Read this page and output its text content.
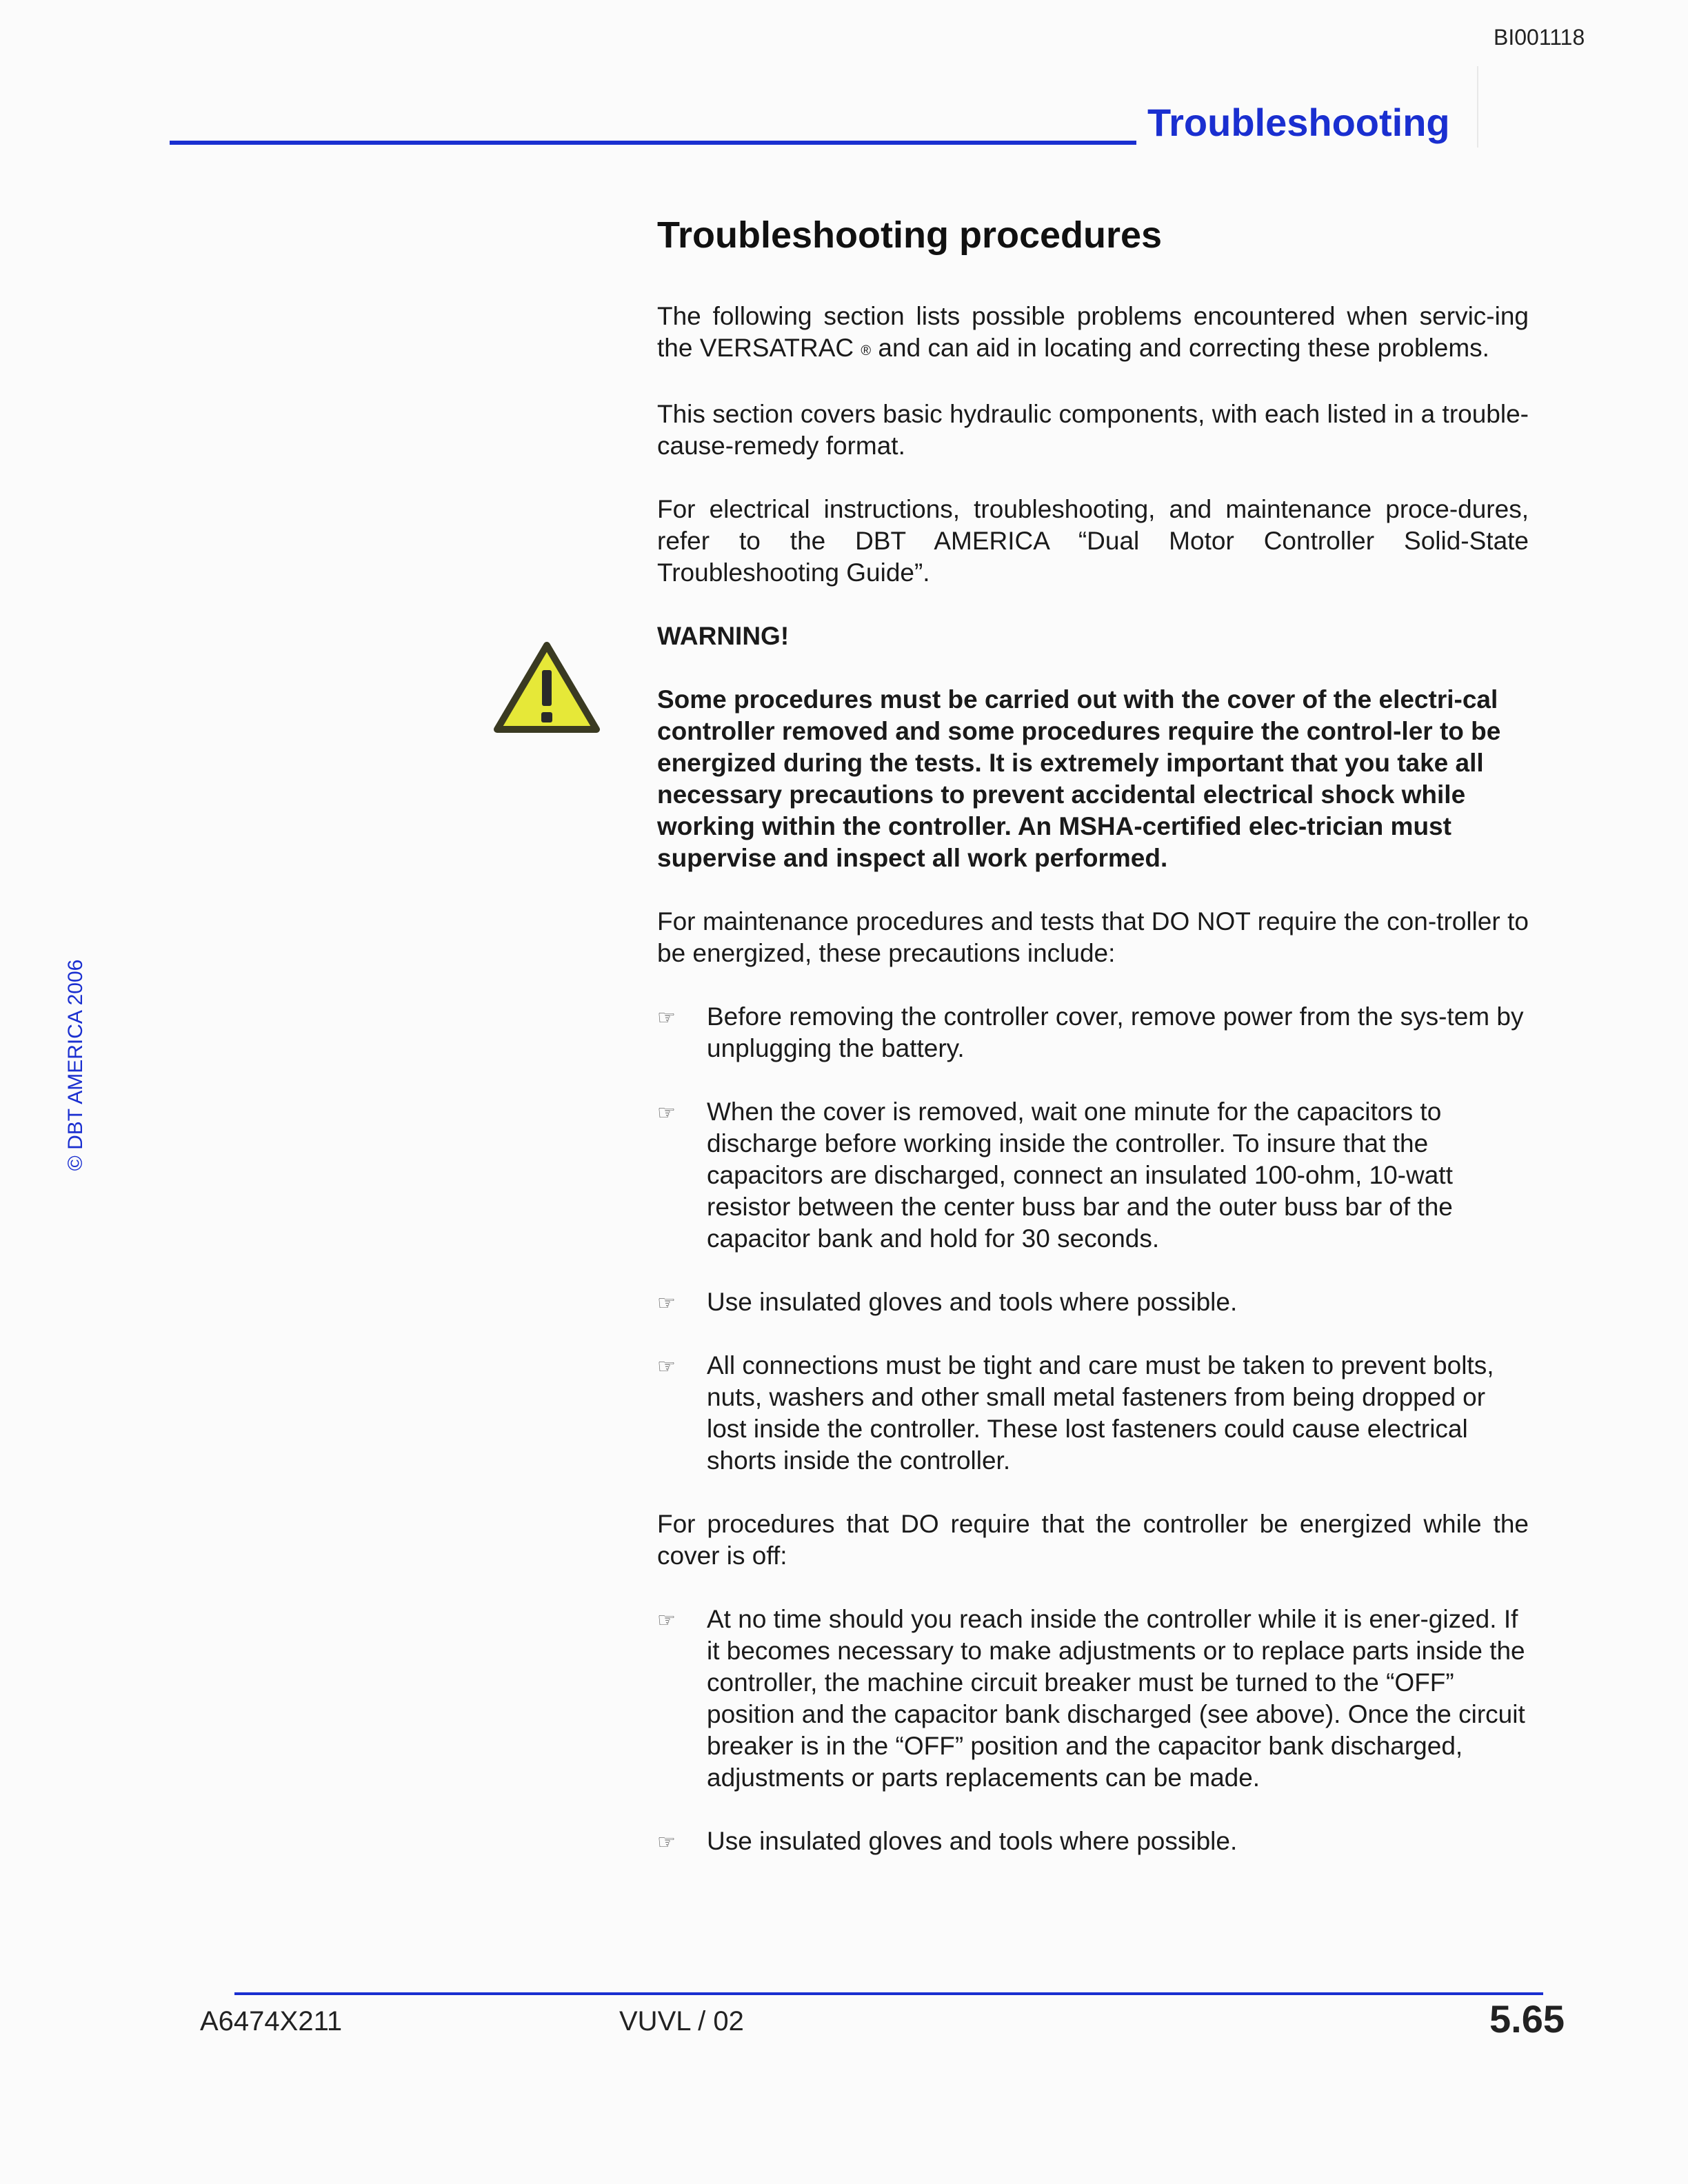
BI001118
Troubleshooting
© DBT AMERICA 2006
Troubleshooting procedures

The following section lists possible problems encountered when servic-ing the VERSATRAC ® and can aid in locating and correcting these problems.

This section covers basic hydraulic components, with each listed in a trouble-cause-remedy format.

For electrical instructions, troubleshooting, and maintenance proce-dures, refer to the DBT AMERICA “Dual Motor Controller Solid-State Troubleshooting Guide”.

WARNING!

Some procedures must be carried out with the cover of the electri-cal controller removed and some procedures require the control-ler to be energized during the tests. It is extremely important that you take all necessary precautions to prevent accidental electrical shock while working within the controller. An MSHA-certified elec-trician must supervise and inspect all work performed.

For maintenance procedures and tests that DO NOT require the con-troller to be energized, these precautions include:

☞ Before removing the controller cover, remove power from the sys-tem by unplugging the battery.
☞ When the cover is removed, wait one minute for the capacitors to discharge before working inside the controller. To insure that the capacitors are discharged, connect an insulated 100-ohm, 10-watt resistor between the center buss bar and the outer buss bar of the capacitor bank and hold for 30 seconds.
☞ Use insulated gloves and tools where possible.
☞ All connections must be tight and care must be taken to prevent bolts, nuts, washers and other small metal fasteners from being dropped or lost inside the controller. These lost fasteners could cause electrical shorts inside the controller.

For procedures that DO require that the controller be energized while the cover is off:

☞ At no time should you reach inside the controller while it is ener-gized. If it becomes necessary to make adjustments or to replace parts inside the controller, the machine circuit breaker must be turned to the “OFF” position and the capacitor bank discharged (see above). Once the circuit breaker is in the “OFF” position and the capacitor bank discharged, adjustments or parts replacements can be made.
☞ Use insulated gloves and tools where possible.
A6474X211	VUVL / 02	5.65
